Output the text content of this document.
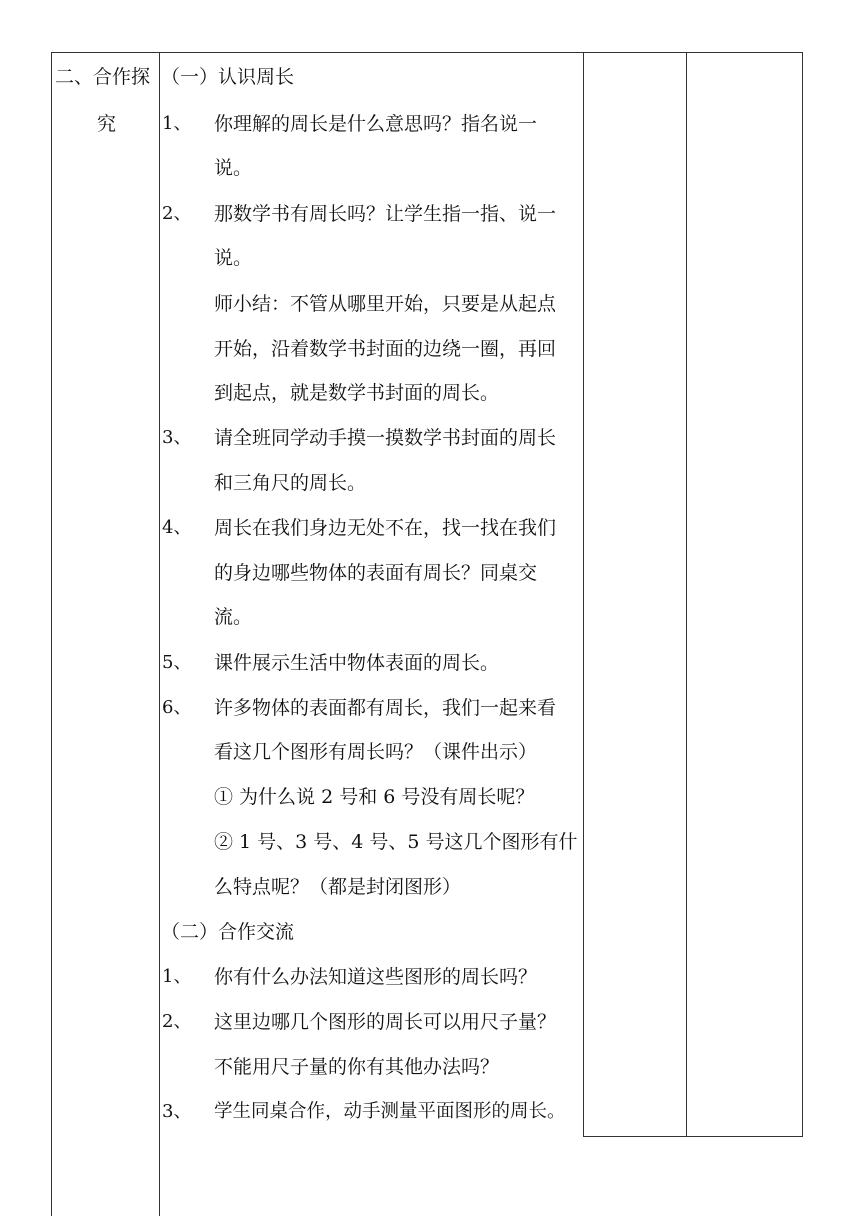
二、合作探
究
（一）认识周长
1、 你理解的周长是什么意思吗？指名说一
说。
2、 那数学书有周长吗？让学生指一指、说一
说。
师小结：不管从哪里开始，只要是从起点
开始，沿着数学书封面的边绕一圈，再回
到起点，就是数学书封面的周长。
3、 请全班同学动手摸一摸数学书封面的周长
和三角尺的周长。
4、 周长在我们身边无处不在，找一找在我们
的身边哪些物体的表面有周长？同桌交
流。
5、 课件展示生活中物体表面的周长。
6、 许多物体的表面都有周长，我们一起来看
看这几个图形有周长吗？（课件出示）
① 为什么说 2 号和 6 号没有周长呢？
② 1 号、3 号、4 号、5 号这几个图形有什
么特点呢？（都是封闭图形）
（二）合作交流
1、 你有什么办法知道这些图形的周长吗？
2、 这里边哪几个图形的周长可以用尺子量？
不能用尺子量的你有其他办法吗？
3、 学生同桌合作，动手测量平面图形的周长。
